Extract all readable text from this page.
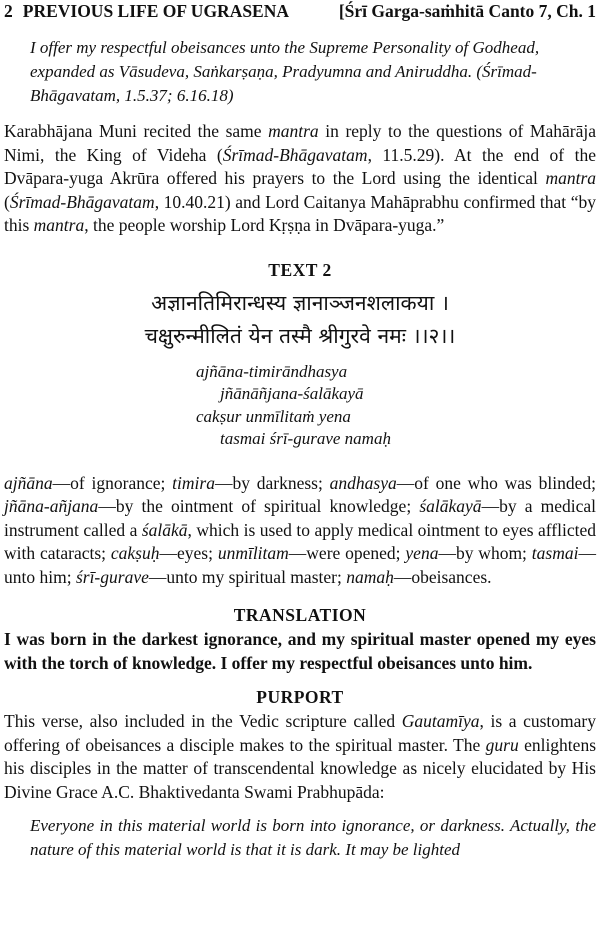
2 PREVIOUS LIFE OF UGRASENA	[Śrī Garga-saṁhitā Canto 7, Ch. 1
I offer my respectful obeisances unto the Supreme Personality of Godhead, expanded as Vāsudeva, Saṅkarṣaṇa, Pradyumna and Aniruddha. (Śrīmad-Bhāgavatam, 1.5.37; 6.16.18)

Karabhājana Muni recited the same mantra in reply to the questions of Mahārāja Nimi, the King of Videha (Śrīmad-Bhāgavatam, 11.5.29). At the end of the Dvāpara-yuga Akrūra offered his prayers to the Lord using the identical mantra (Śrīmad-Bhāgavatam, 10.40.21) and Lord Caitanya Mahāprabhu confirmed that “by this mantra, the people worship Lord Kṛṣṇa in Dvāpara-yuga.”

TEXT 2
अज्ञानतिमिरान्धस्य ज्ञानाञ्जनशलाकया ।
चक्षुरुन्मीलितं येन तस्मै श्रीगुरवे नमः ।।२।।
ajñāna-timirāndhasya
jñānāñjana-śalākayā
cakṣur unmīlitaṁ yena
tasmai śrī-gurave namaḥ

ajñāna—of ignorance; timira—by darkness; andhasya—of one who was blinded; jñāna-añjana—by the ointment of spiritual knowledge; śalākayā—by a medical instrument called a śalākā, which is used to apply medical ointment to eyes afflicted with cataracts; cakṣuḥ—eyes; unmīlitam—were opened; yena—by whom; tasmai—unto him; śrī-gurave—unto my spiritual master; namaḥ—obeisances.

TRANSLATION
I was born in the darkest ignorance, and my spiritual master opened my eyes with the torch of knowledge. I offer my respectful obeisances unto him.
PURPORT

This verse, also included in the Vedic scripture called Gautamīya, is a customary offering of obeisances a disciple makes to the spiritual master. The guru enlightens his disciples in the matter of transcendental knowledge as nicely elucidated by His Divine Grace A.C. Bhaktivedanta Swami Prabhupāda:

Everyone in this material world is born into ignorance, or darkness. Actually, the nature of this material world is that it is dark. It may be lighted
